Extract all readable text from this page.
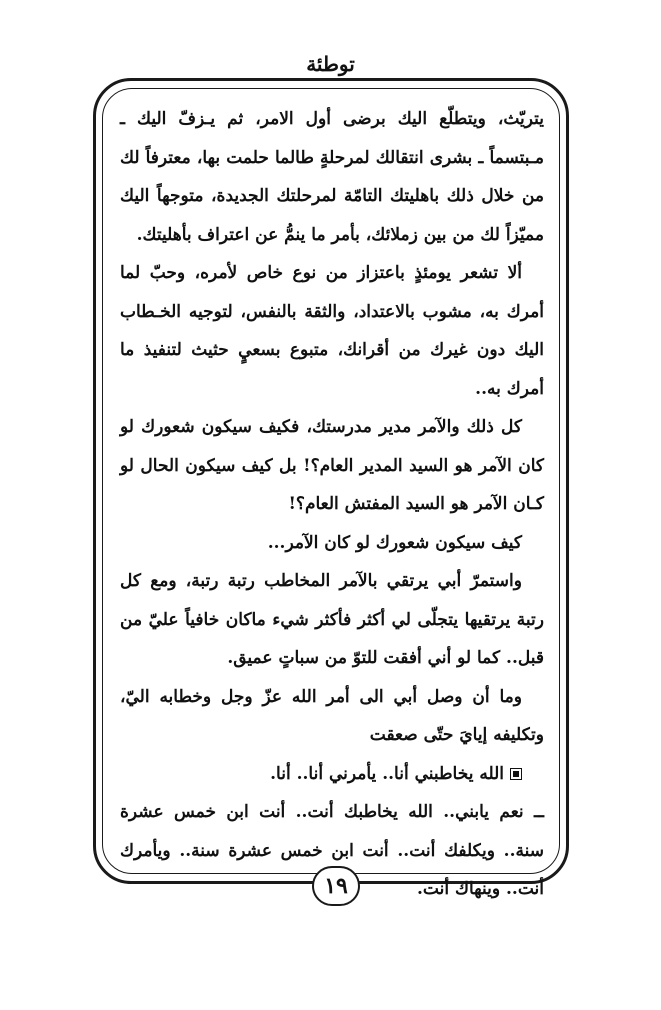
توطئة

يتريّث، ويتطلّع اليك برضى أول الامر، ثم يـزفّ اليك ـ مـبتسماً ـ بشرى انتقالك لمرحلةٍ طالما حلمت بها، معترفاً لك من خلال ذلك باهليتك التامّة لمرحلتك الجديدة، متوجهاً اليك مميّزاً لك من بين زملائك، بأمر ما ينمُّ عن اعتراف بأهليتك.

ألا تشعر يومئذٍ باعتزاز من نوع خاص لأمره، وحبّ لما أمرك به، مشوب بالاعتداد، والثقة بالنفس، لتوجيه الخـطاب اليك دون غيرك من أقرانك، متبوع بسعيٍ حثيث لتنفيذ ما أمرك به..

كل ذلك والآمر مدير مدرستك، فكيف سيكون شعورك لو كان الآمر هو السيد المدير العام؟! بل كيف سيكون الحال لو كـان الآمر هو السيد المفتش العام؟!

كيف سيكون شعورك لو كان الآمر...

واستمرّ أبي يرتقي بالآمر المخاطب رتبة رتبة، ومع كل رتبة يرتقيها يتجلّى لي أكثر فأكثر شيء ماكان خافياً عليّ من قبل.. كما لو أني أفقت للتوّ من سباتٍ عميق.

وما أن وصل أبي الى أمر الله عزّ وجل وخطابه اليّ، وتكليفه إيايَ حتّى صعقت

الله يخاطبني أنا.. يأمرني أنا.. أنا.

ــ نعم يابني.. الله يخاطبك أنت.. أنت ابن خمس عشرة سنة.. ويكلفك أنت.. أنت ابن خمس عشرة سنة.. ويأمرك أنت.. وينهاك أنت.

١٩
